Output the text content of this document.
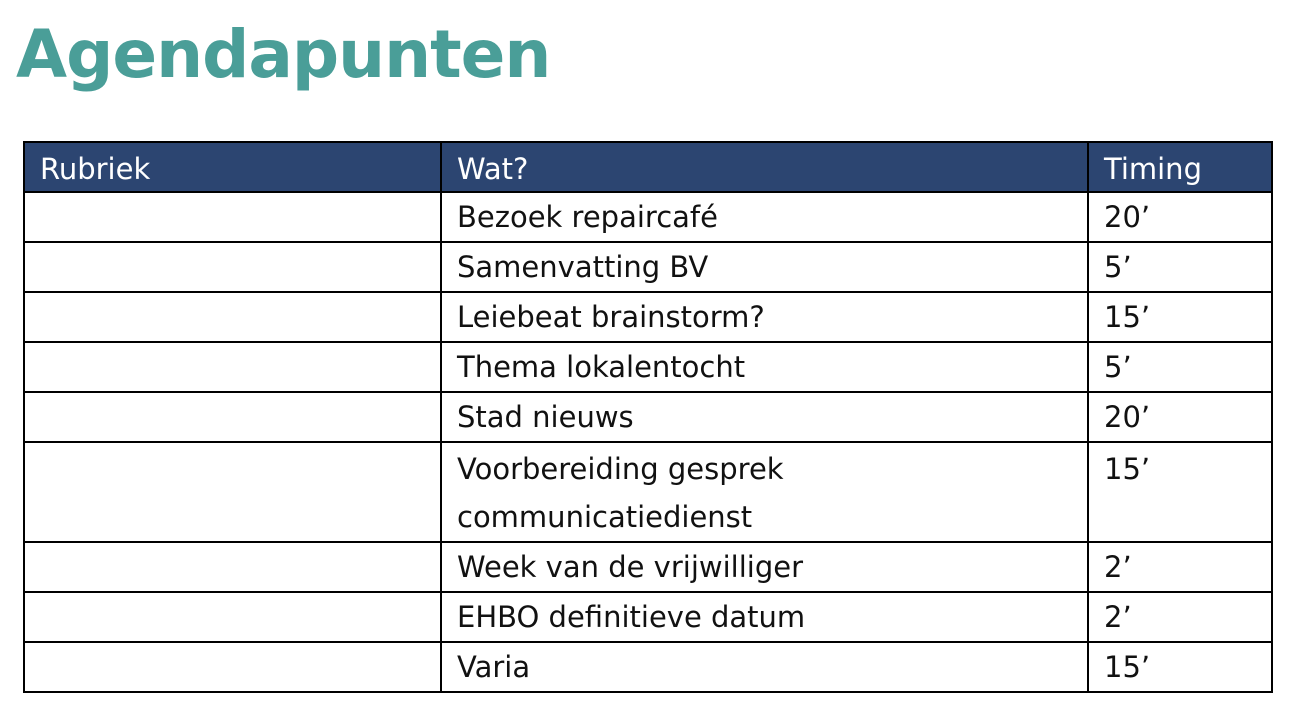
Agendapunten
Rubriek	Wat?	Timing
	Bezoek repaircafé	20’
	Samenvatting BV	5’
	Leiebeat brainstorm?	15’
	Thema lokalentocht	5’
	Stad nieuws	20’
	Voorbereiding gesprek communicatiedienst	15’
	Week van de vrijwilliger	2’
	EHBO definitieve datum	2’
	Varia	15’
